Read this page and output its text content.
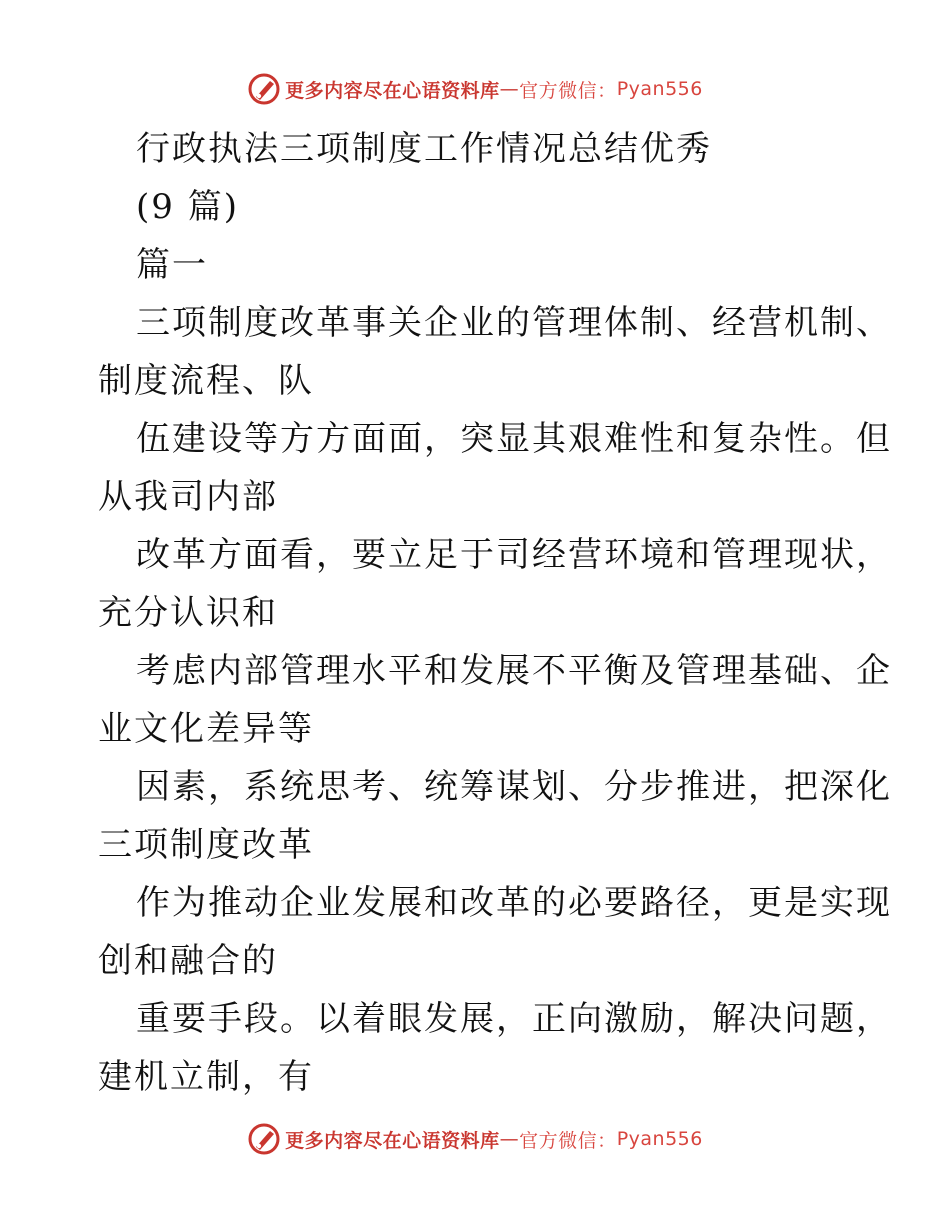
更多内容尽在心语资料库 — 官方微信： Pyan556
行政执法三项制度工作情况总结优秀
(9 篇)
篇一
三项制度改革事关企业的管理体制、经营机制、
制度流程、队
伍建设等方方面面，突显其艰难性和复杂性。但
从我司内部
改革方面看，要立足于司经营环境和管理现状，
充分认识和
考虑内部管理水平和发展不平衡及管理基础、企
业文化差异等
因素，系统思考、统筹谋划、分步推进，把深化
三项制度改革
作为推动企业发展和改革的必要路径，更是实现
创和融合的
重要手段。以着眼发展，正向激励，解决问题，
建机立制，有
更多内容尽在心语资料库 — 官方微信： Pyan556
